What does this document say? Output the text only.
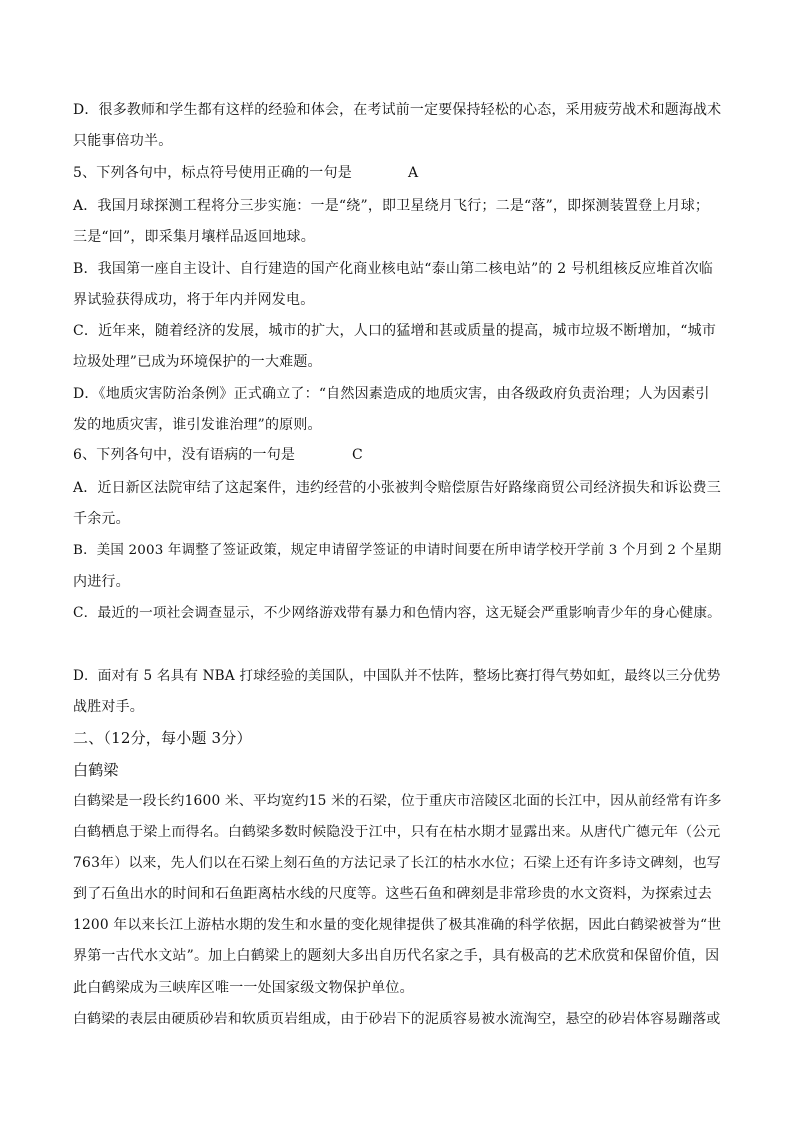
D．很多教师和学生都有这样的经验和体会，在考试前一定要保持轻松的心态，采用疲劳战术和题海战术
只能事倍功半。
5、下列各句中，标点符号使用正确的一句是	A
A．我国月球探测工程将分三步实施：一是“绕”，即卫星绕月飞行；二是“落”，即探测装置登上月球；
三是“回”，即采集月壤样品返回地球。
B．我国第一座自主设计、自行建造的国产化商业核电站“泰山第二核电站”的 2 号机组核反应堆首次临
界试验获得成功，将于年内并网发电。
C．近年来，随着经济的发展，城市的扩大，人口的猛增和甚或质量的提高，城市垃圾不断增加，“城市
垃圾处理”已成为环境保护的一大难题。
D．《地质灾害防治条例》正式确立了：“自然因素造成的地质灾害，由各级政府负责治理；人为因素引
发的地质灾害，谁引发谁治理”的原则。
6、下列各句中，没有语病的一句是	C
A．近日新区法院审结了这起案件，违约经营的小张被判令赔偿原告好路缘商贸公司经济损失和诉讼费三
千余元。
B．美国 2003 年调整了签证政策，规定申请留学签证的申请时间要在所申请学校开学前 3 个月到 2 个星期
内进行。
C．最近的一项社会调查显示，不少网络游戏带有暴力和色情内容，这无疑会严重影响青少年的身心健康。
D．面对有 5 名具有 NBA 打球经验的美国队，中国队并不怯阵，整场比赛打得气势如虹，最终以三分优势
战胜对手。
二、（12分，每小题 3分）
白鹤梁
白鹤梁是一段长约1600 米、平均宽约15 米的石梁，位于重庆市涪陵区北面的长江中，因从前经常有许多
白鹤栖息于梁上而得名。白鹤梁多数时候隐没于江中，只有在枯水期才显露出来。从唐代广德元年（公元
763年）以来，先人们以在石梁上刻石鱼的方法记录了长江的枯水水位；石梁上还有许多诗文碑刻，也写
到了石鱼出水的时间和石鱼距离枯水线的尺度等。这些石鱼和碑刻是非常珍贵的水文资料，为探索过去
1200 年以来长江上游枯水期的发生和水量的变化规律提供了极其准确的科学依据，因此白鹤梁被誉为“世
界第一古代水文站”。加上白鹤梁上的题刻大多出自历代名家之手，具有极高的艺术欣赏和保留价值，因
此白鹤梁成为三峡库区唯一一处国家级文物保护单位。
白鹤梁的表层由硬质砂岩和软质页岩组成，由于砂岩下的泥质容易被水流淘空，悬空的砂岩体容易蹦落或
